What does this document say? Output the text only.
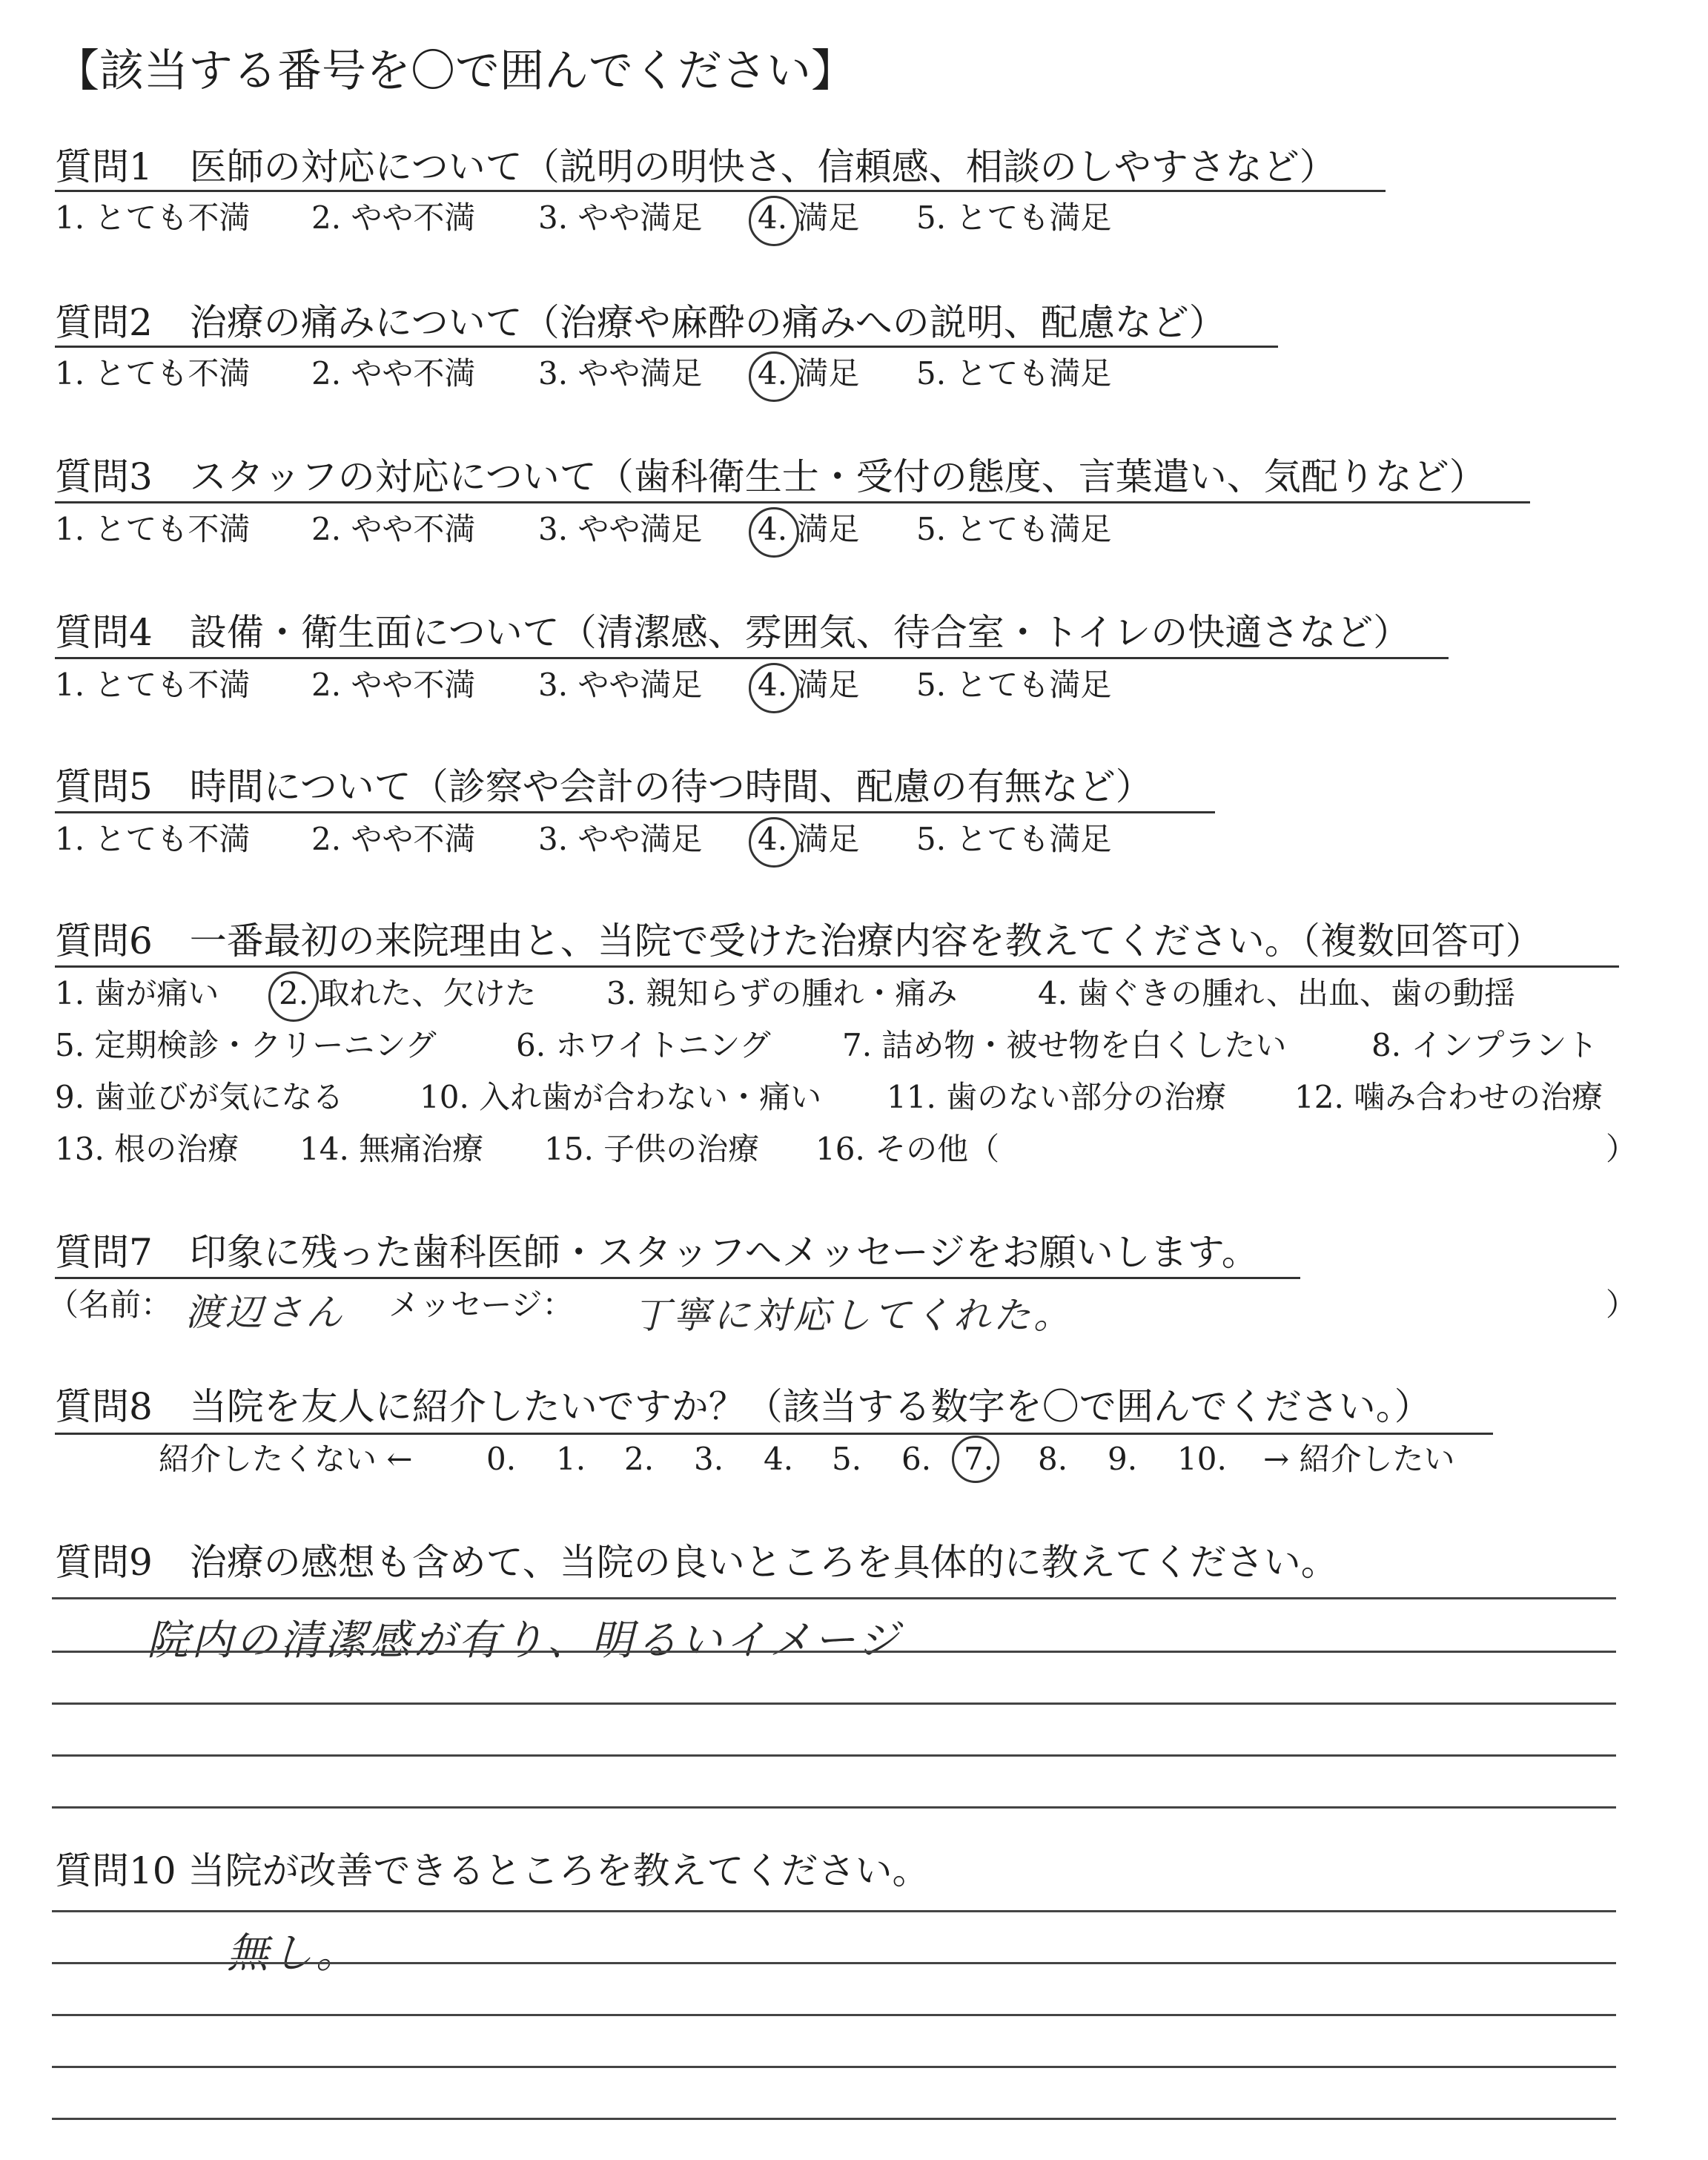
【該当する番号を〇で囲んでください】
質問1　医師の対応について（説明の明快さ、信頼感、相談のしやすさなど）
1. とても不満 2. やや不満 3. やや満足 4. 満足 5. とても満足
質問2　治療の痛みについて（治療や麻酔の痛みへの説明、配慮など）
1. とても不満 2. やや不満 3. やや満足 4. 満足 5. とても満足
質問3　スタッフの対応について（歯科衛生士・受付の態度、言葉遣い、気配りなど）
1. とても不満 2. やや不満 3. やや満足 4. 満足 5. とても満足
質問4　設備・衛生面について（清潔感、雰囲気、待合室・トイレの快適さなど）
1. とても不満 2. やや不満 3. やや満足 4. 満足 5. とても満足
質問5　時間について（診察や会計の待つ時間、配慮の有無など）
1. とても不満 2. やや不満 3. やや満足 4. 満足 5. とても満足
質問6　一番最初の来院理由と、当院で受けた治療内容を教えてください。（複数回答可）
1. 歯が痛い 2. 取れた、欠けた 3. 親知らずの腫れ・痛み	4. 歯ぐきの腫れ、出血、歯の動揺
5. 定期検診・クリーニング	6. ホワイトニング 7. 詰め物・被せ物を白くしたい	8. インプラント
9. 歯並びが気になる 10. 入れ歯が合わない・痛い 11. 歯のない部分の治療 12. 噛み合わせの治療
13. 根の治療 14. 無痛治療 15. 子供の治療 16. その他（	）
質問7　印象に残った歯科医師・スタッフへメッセージをお願いします。
（名前： 渡辺さん メッセージ： 丁寧に対応してくれた。	）
質問8　当院を友人に紹介したいですか？（該当する数字を〇で囲んでください。）
紹介したくない ← 0. 1. 2. 3. 4. 5. 6. 7. 8. 9. 10. → 紹介したい
質問9　治療の感想も含めて、当院の良いところを具体的に教えてください。
院内の清潔感が有り、明るいイメージ
質問10 当院が改善できるところを教えてください。
無し。
